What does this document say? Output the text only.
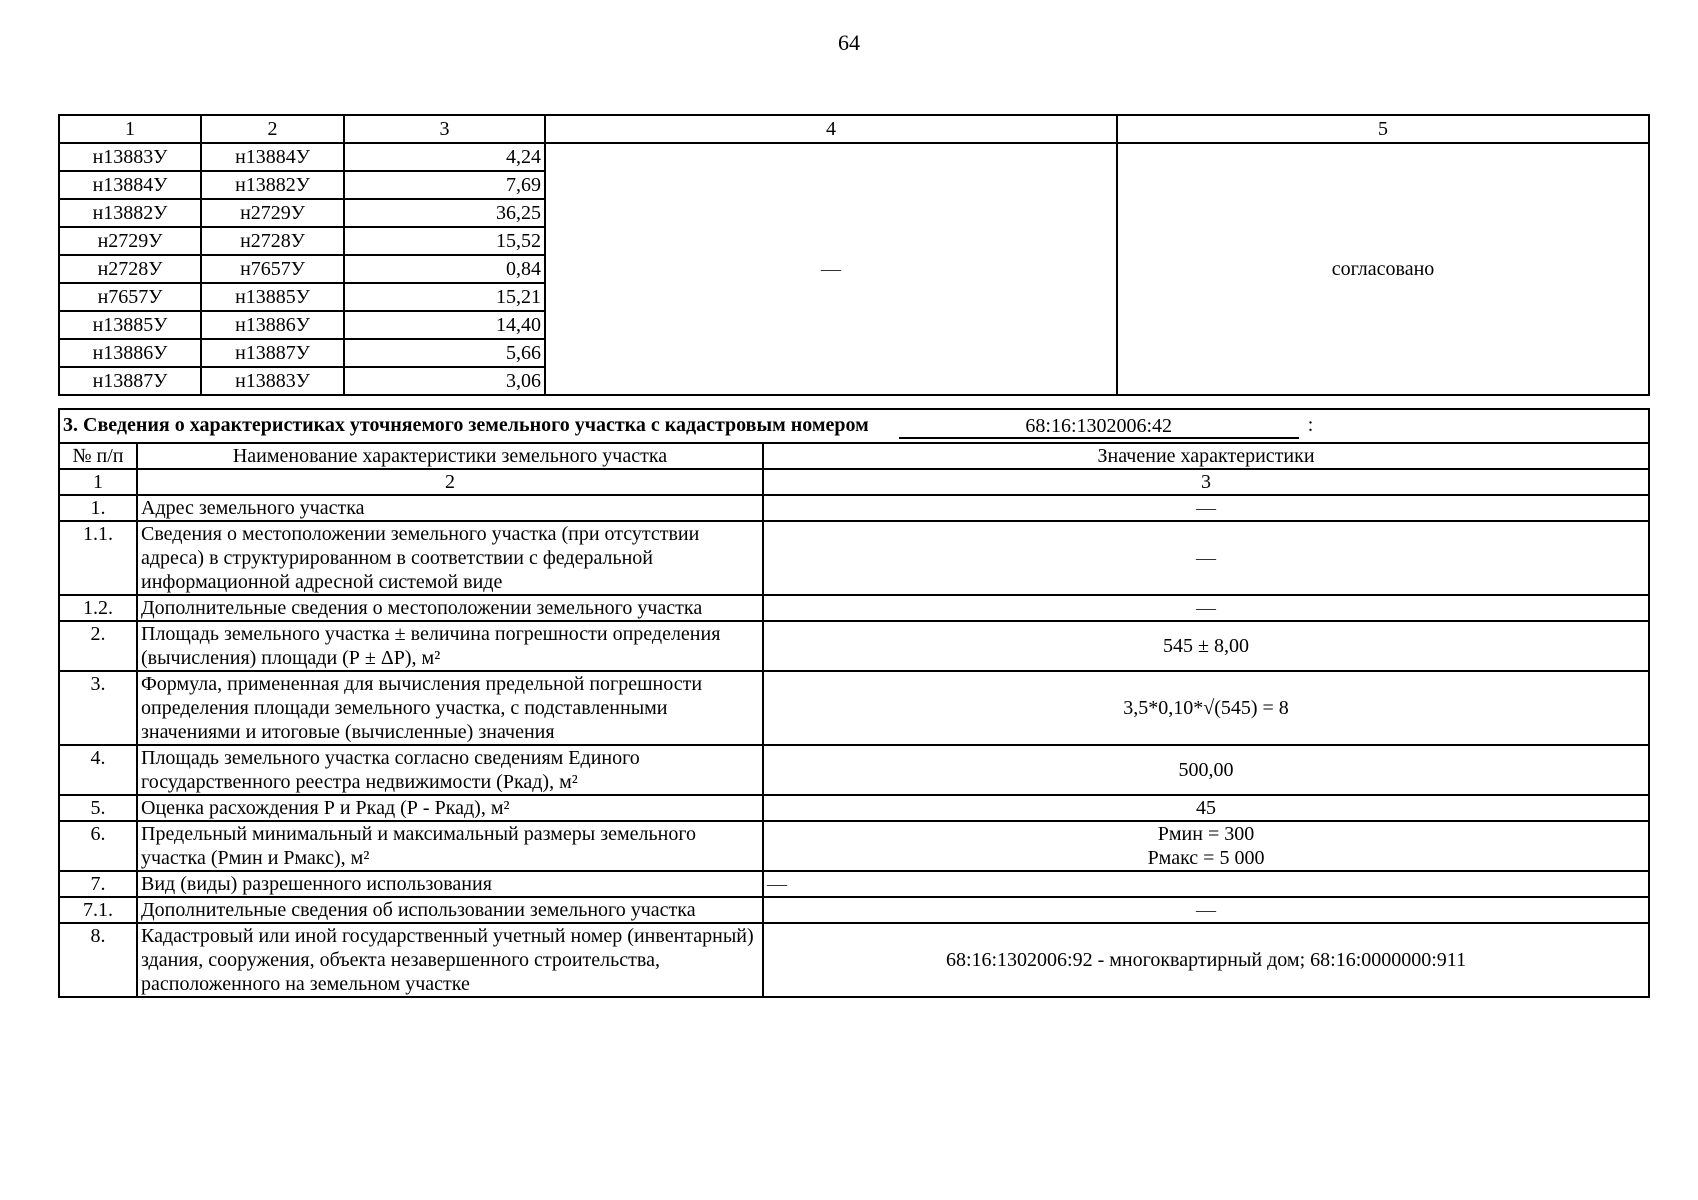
64
1	2	3	4	5
н13883У	н13884У	4,24	—	согласовано
н13884У	н13882У	7,69		
н13882У	н2729У	36,25		
н2729У	н2728У	15,52		
н2728У	н7657У	0,84		
н7657У	н13885У	15,21		
н13885У	н13886У	14,40		
н13886У	н13887У	5,66		
н13887У	н13883У	3,06		
3. Сведения о характеристиках уточняемого земельного участка с кадастровым номером 68:16:1302006:42 :		
№ п/п	Наименование характеристики земельного участка	Значение характеристики
1	2	3
1.	Адрес земельного участка	—
1.1.	Сведения о местоположении земельного участка (при отсутствии адреса) в структурированном в соответствии с федеральной информационной адресной системой виде	—
1.2.	Дополнительные сведения о местоположении земельного участка	—
2.	Площадь земельного участка ± величина погрешности определения (вычисления) площади (Р ± ΔР), м²	545 ± 8,00
3.	Формула, примененная для вычисления предельной погрешности определения площади земельного участка, с подставленными значениями и итоговые (вычисленные) значения	3,5*0,10*√(545) = 8
4.	Площадь земельного участка согласно сведениям Единого государственного реестра недвижимости (Ркад), м²	500,00
5.	Оценка расхождения Р и Ркад (Р - Ркад), м²	45
6.	Предельный минимальный и максимальный размеры земельного участка (Рмин и Рмакс), м²	Рмин = 300
Рмакс = 5 000

7.	Вид (виды) разрешенного использования	—
7.1.	Дополнительные сведения об использовании земельного участка	—
8.	Кадастровый или иной государственный учетный номер (инвентарный) здания, сооружения, объекта незавершенного строительства, расположенного на земельном участке	68:16:1302006:92 - многоквартирный дом; 68:16:0000000:911
